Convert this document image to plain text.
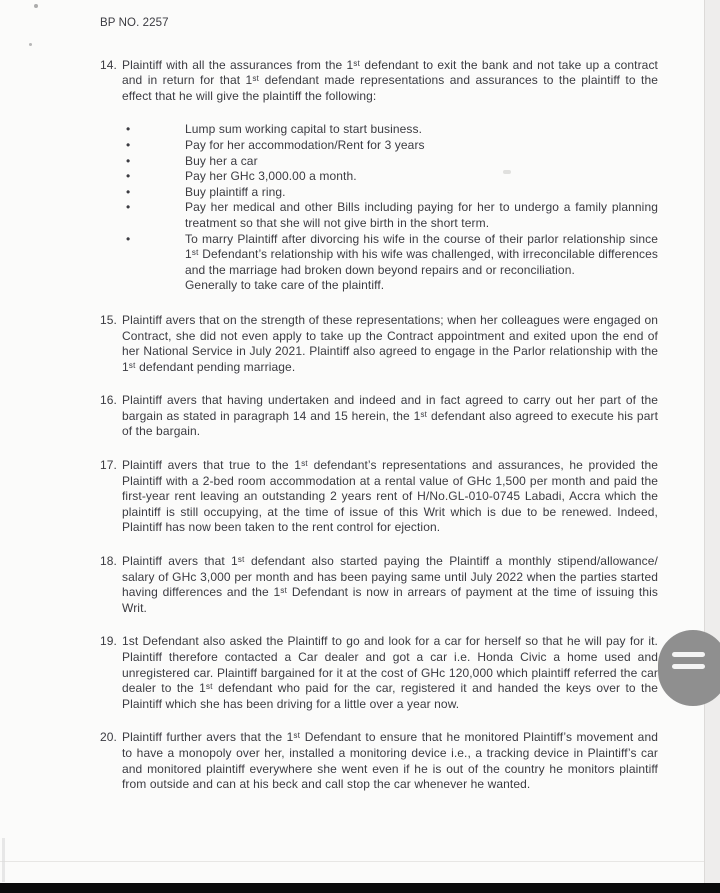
BP NO. 2257
14. Plaintiff with all the assurances from the 1ˢᵗ defendant to exit the bank and not take up a contract and in return for that 1ˢᵗ defendant made representations and assurances to the plaintiff to the effect that he will give the plaintiff the following:
•	Lump sum working capital to start business.
•	Pay for her accommodation/Rent for 3 years
•	Buy her a car
•	Pay her GHc 3,000.00 a month.
•	Buy plaintiff a ring.
•	Pay her medical and other Bills including paying for her to undergo a family planning treatment so that she will not give birth in the short term.
•	To marry Plaintiff after divorcing his wife in the course of their parlor relationship since 1ˢᵗ Defendant’s relationship with his wife was challenged, with irreconcilable differences and the marriage had broken down beyond repairs and or reconciliation.
Generally to take care of the plaintiff.
15. Plaintiff avers that on the strength of these representations; when her colleagues were engaged on Contract, she did not even apply to take up the Contract appointment and exited upon the end of her National Service in July 2021. Plaintiff also agreed to engage in the Parlor relationship with the 1ˢᵗ defendant pending marriage.
16. Plaintiff avers that having undertaken and indeed and in fact agreed to carry out her part of the bargain as stated in paragraph 14 and 15 herein, the 1ˢᵗ defendant also agreed to execute his part of the bargain.
17. Plaintiff avers that true to the 1ˢᵗ defendant’s representations and assurances, he provided the Plaintiff with a 2-bed room accommodation at a rental value of GHc 1,500 per month and paid the first-year rent leaving an outstanding 2 years rent of H/No.GL-010-0745 Labadi, Accra which the plaintiff is still occupying, at the time of issue of this Writ which is due to be renewed. Indeed, Plaintiff has now been taken to the rent control for ejection.
18. Plaintiff avers that 1ˢᵗ defendant also started paying the Plaintiff a monthly stipend/allowance/ salary of GHc 3,000 per month and has been paying same until July 2022 when the parties started having differences and the 1ˢᵗ Defendant is now in arrears of payment at the time of issuing this Writ.
19. 1st Defendant also asked the Plaintiff to go and look for a car for herself so that he will pay for it. Plaintiff therefore contacted a Car dealer and got a car i.e. Honda Civic a home used and unregistered car. Plaintiff bargained for it at the cost of GHc 120,000 which plaintiff referred the car dealer to the 1ˢᵗ defendant who paid for the car, registered it and handed the keys over to the Plaintiff which she has been driving for a little over a year now.
20. Plaintiff further avers that the 1ˢᵗ Defendant to ensure that he monitored Plaintiff’s movement and to have a monopoly over her, installed a monitoring device i.e., a tracking device in Plaintiff’s car and monitored plaintiff everywhere she went even if he is out of the country he monitors plaintiff from outside and can at his beck and call stop the car whenever he wanted.
